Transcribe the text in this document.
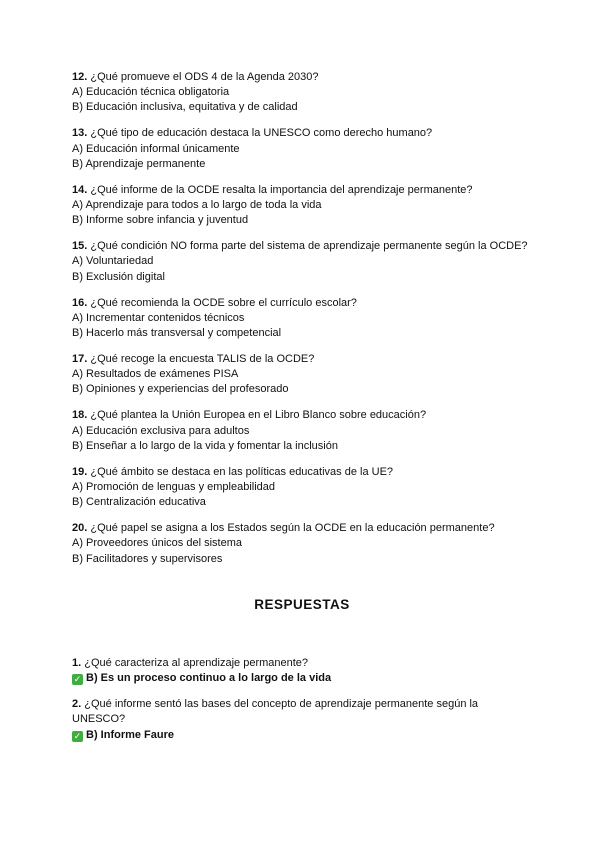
12. ¿Qué promueve el ODS 4 de la Agenda 2030?
A) Educación técnica obligatoria
B) Educación inclusiva, equitativa y de calidad
13. ¿Qué tipo de educación destaca la UNESCO como derecho humano?
A) Educación informal únicamente
B) Aprendizaje permanente
14. ¿Qué informe de la OCDE resalta la importancia del aprendizaje permanente?
A) Aprendizaje para todos a lo largo de toda la vida
B) Informe sobre infancia y juventud
15. ¿Qué condición NO forma parte del sistema de aprendizaje permanente según la OCDE?
A) Voluntariedad
B) Exclusión digital
16. ¿Qué recomienda la OCDE sobre el currículo escolar?
A) Incrementar contenidos técnicos
B) Hacerlo más transversal y competencial
17. ¿Qué recoge la encuesta TALIS de la OCDE?
A) Resultados de exámenes PISA
B) Opiniones y experiencias del profesorado
18. ¿Qué plantea la Unión Europea en el Libro Blanco sobre educación?
A) Educación exclusiva para adultos
B) Enseñar a lo largo de la vida y fomentar la inclusión
19. ¿Qué ámbito se destaca en las políticas educativas de la UE?
A) Promoción de lenguas y empleabilidad
B) Centralización educativa
20. ¿Qué papel se asigna a los Estados según la OCDE en la educación permanente?
A) Proveedores únicos del sistema
B) Facilitadores y supervisores
RESPUESTAS
1. ¿Qué caracteriza al aprendizaje permanente?
✓ B) Es un proceso continuo a lo largo de la vida
2. ¿Qué informe sentó las bases del concepto de aprendizaje permanente según la UNESCO?
✓ B) Informe Faure
